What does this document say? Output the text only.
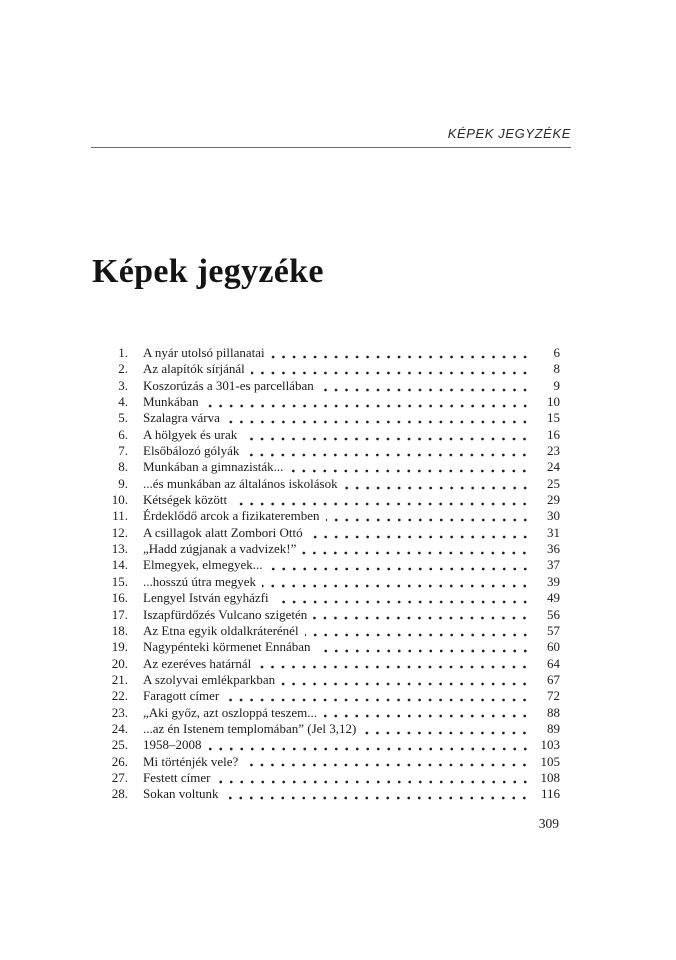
KÉPEK JEGYZÉKE
Képek jegyzéke
1. A nyár utolsó pillanatai	6
2. Az alapítók sírjánál	8
3. Koszorúzás a 301-es parcellában	9
4. Munkában	10
5. Szalagra várva	15
6. A hölgyek és urak	16
7. Elsőbálozó gólyák	23
8. Munkában a gimnazisták...	24
9. ...és munkában az általános iskolások	25
10. Kétségek között	29
11. Érdeklődő arcok a fizikateremben	30
12. A csillagok alatt Zombori Ottó	31
13. „Hadd zúgjanak a vadvizek!”	36
14. Elmegyek, elmegyek...	37
15. ...hosszú útra megyek	39
16. Lengyel István egyházfi	49
17. Iszapfürdőzés Vulcano szigetén	56
18. Az Etna egyik oldalkráterénél	57
19. Nagypénteki körmenet Ennában	60
20. Az ezeréves határnál	64
21. A szolyvai emlékparkban	67
22. Faragott címer	72
23. „Aki győz, azt oszloppá teszem...	88
24. ...az én Istenem templomában” (Jel 3,12)	89
25. 1958–2008	103
26. Mi történjék vele?	105
27. Festett címer	108
28. Sokan voltunk	116
309
